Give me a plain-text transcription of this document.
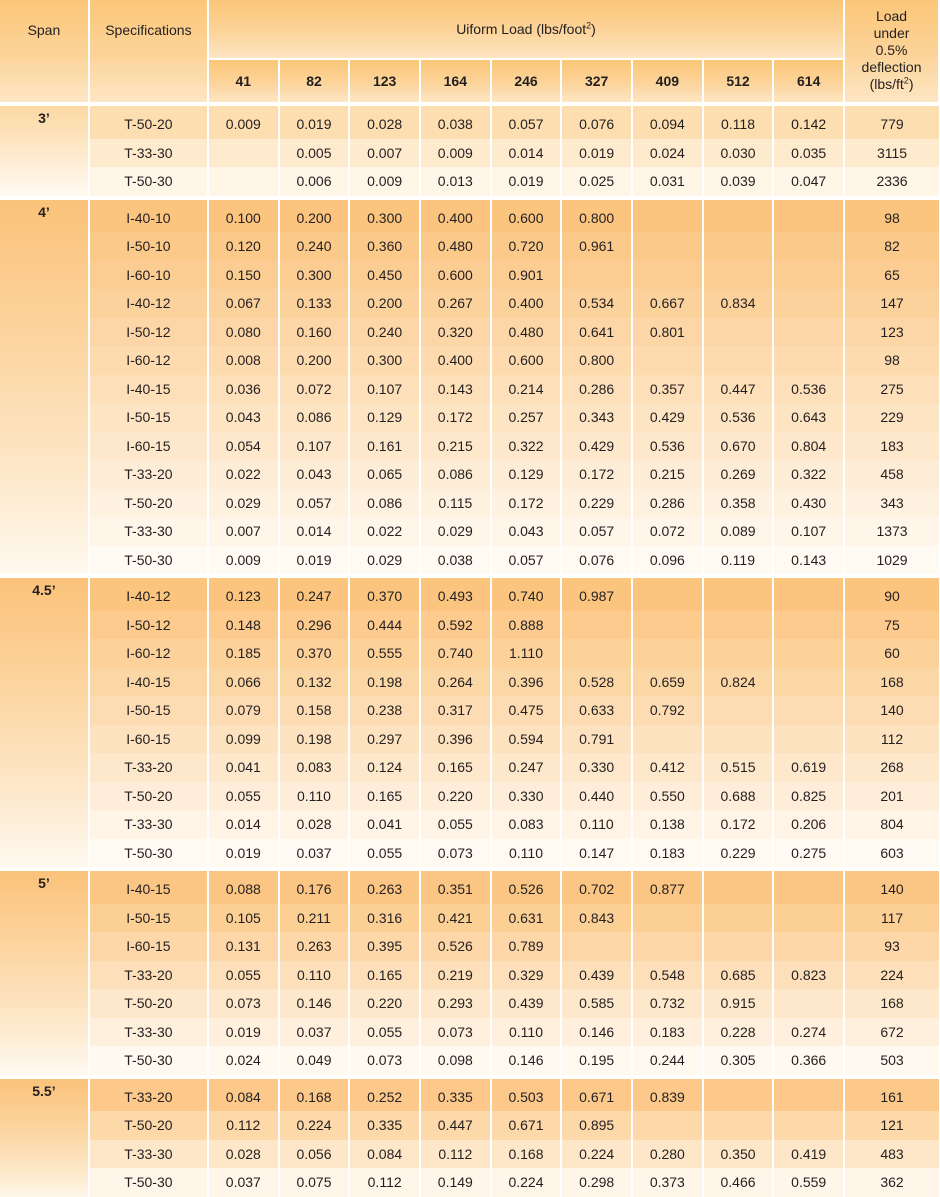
Span	Specifications	Uiform Load (lbs/foot$^2$)									Load
under
0.5%
deflection
$(lbs/ft^2)$

		41	82	123	164	246	327	409	512	614	
3’	T-50-20	0.009	0.019	0.028	0.038	0.057	0.076	0.094	0.118	0.142	779
	T-33-30		0.005	0.007	0.009	0.014	0.019	0.024	0.030	0.035	3115
	T-50-30		0.006	0.009	0.013	0.019	0.025	0.031	0.039	0.047	2336
4’	I-40-10	0.100	0.200	0.300	0.400	0.600	0.800				98
	I-50-10	0.120	0.240	0.360	0.480	0.720	0.961				82
	I-60-10	0.150	0.300	0.450	0.600	0.901					65
	I-40-12	0.067	0.133	0.200	0.267	0.400	0.534	0.667	0.834		147
	I-50-12	0.080	0.160	0.240	0.320	0.480	0.641	0.801			123
	I-60-12	0.008	0.200	0.300	0.400	0.600	0.800				98
	I-40-15	0.036	0.072	0.107	0.143	0.214	0.286	0.357	0.447	0.536	275
	I-50-15	0.043	0.086	0.129	0.172	0.257	0.343	0.429	0.536	0.643	229
	I-60-15	0.054	0.107	0.161	0.215	0.322	0.429	0.536	0.670	0.804	183
	T-33-20	0.022	0.043	0.065	0.086	0.129	0.172	0.215	0.269	0.322	458
	T-50-20	0.029	0.057	0.086	0.115	0.172	0.229	0.286	0.358	0.430	343
	T-33-30	0.007	0.014	0.022	0.029	0.043	0.057	0.072	0.089	0.107	1373
	T-50-30	0.009	0.019	0.029	0.038	0.057	0.076	0.096	0.119	0.143	1029
4.5’	I-40-12	0.123	0.247	0.370	0.493	0.740	0.987				90
	I-50-12	0.148	0.296	0.444	0.592	0.888					75
	I-60-12	0.185	0.370	0.555	0.740	1.110					60
	I-40-15	0.066	0.132	0.198	0.264	0.396	0.528	0.659	0.824		168
	I-50-15	0.079	0.158	0.238	0.317	0.475	0.633	0.792			140
	I-60-15	0.099	0.198	0.297	0.396	0.594	0.791				112
	T-33-20	0.041	0.083	0.124	0.165	0.247	0.330	0.412	0.515	0.619	268
	T-50-20	0.055	0.110	0.165	0.220	0.330	0.440	0.550	0.688	0.825	201
	T-33-30	0.014	0.028	0.041	0.055	0.083	0.110	0.138	0.172	0.206	804
	T-50-30	0.019	0.037	0.055	0.073	0.110	0.147	0.183	0.229	0.275	603
5’	I-40-15	0.088	0.176	0.263	0.351	0.526	0.702	0.877			140
	I-50-15	0.105	0.211	0.316	0.421	0.631	0.843				117
	I-60-15	0.131	0.263	0.395	0.526	0.789					93
	T-33-20	0.055	0.110	0.165	0.219	0.329	0.439	0.548	0.685	0.823	224
	T-50-20	0.073	0.146	0.220	0.293	0.439	0.585	0.732	0.915		168
	T-33-30	0.019	0.037	0.055	0.073	0.110	0.146	0.183	0.228	0.274	672
	T-50-30	0.024	0.049	0.073	0.098	0.146	0.195	0.244	0.305	0.366	503
5.5’	T-33-20	0.084	0.168	0.252	0.335	0.503	0.671	0.839			161
	T-50-20	0.112	0.224	0.335	0.447	0.671	0.895				121
	T-33-30	0.028	0.056	0.084	0.112	0.168	0.224	0.280	0.350	0.419	483
	T-50-30	0.037	0.075	0.112	0.149	0.224	0.298	0.373	0.466	0.559	362
